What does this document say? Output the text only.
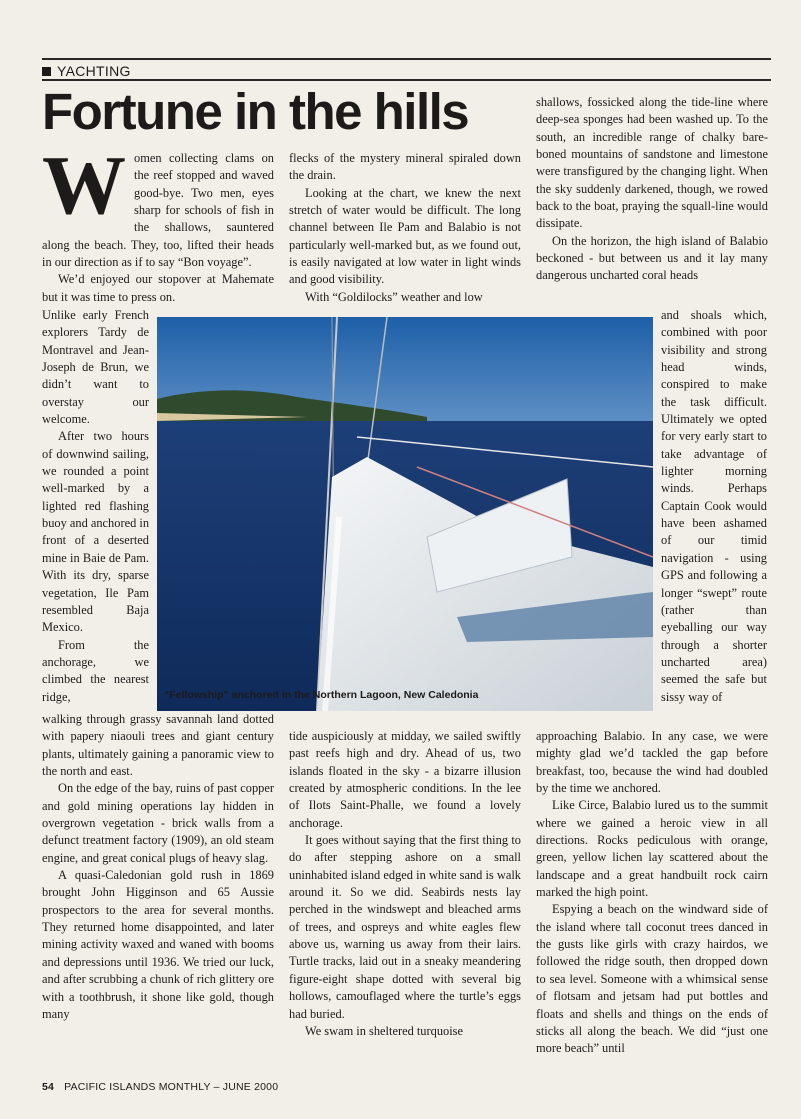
YACHTING
Fortune in the hills

Women collecting clams on the reef stopped and waved good-bye. Two men, eyes sharp for schools of fish in the shallows, sauntered along the beach. They, too, lifted their heads in our direction as if to say “Bon voyage”.

We’d enjoyed our stopover at Mahemate but it was time to press on.

Unlike early French explorers Tardy de Montravel and Jean-Joseph de Brun, we didn’t want to overstay our welcome.

After two hours of downwind sailing, we rounded a point well-marked by a lighted red flashing buoy and anchored in front of a deserted mine in Baie de Pam. With its dry, sparse vegetation, Ile Pam resembled Baja Mexico.

From the anchorage, we climbed the nearest ridge,

walking through grassy savannah land dotted with papery niaouli trees and giant century plants, ultimately gaining a panoramic view to the north and east.

On the edge of the bay, ruins of past copper and gold mining operations lay hidden in overgrown vegetation - brick walls from a defunct treatment factory (1909), an old steam engine, and great conical plugs of heavy slag.

A quasi-Caledonian gold rush in 1869 brought John Higginson and 65 Aussie prospectors to the area for several months. They returned home disappointed, and later mining activity waxed and waned with booms and depressions until 1936. We tried our luck, and after scrubbing a chunk of rich glittery ore with a toothbrush, it shone like gold, though many

flecks of the mystery mineral spiraled down the drain.

Looking at the chart, we knew the next stretch of water would be difficult. The long channel between Ile Pam and Balabio is not particularly well-marked but, as we found out, is easily navigated at low water in light winds and good visibility.

With “Goldilocks” weather and low

tide auspiciously at midday, we sailed swiftly past reefs high and dry. Ahead of us, two islands floated in the sky - a bizarre illusion created by atmospheric conditions. In the lee of Ilots Saint-Phalle, we found a lovely anchorage.

It goes without saying that the first thing to do after stepping ashore on a small uninhabited island edged in white sand is walk around it. So we did. Seabirds nests lay perched in the windswept and bleached arms of trees, and ospreys and white eagles flew above us, warning us away from their lairs. Turtle tracks, laid out in a sneaky meandering figure-eight shape dotted with several big hollows, camouflaged where the turtle’s eggs had buried.

We swam in sheltered turquoise

shallows, fossicked along the tide-line where deep-sea sponges had been washed up. To the south, an incredible range of chalky bare-boned mountains of sandstone and limestone were transfigured by the changing light. When the sky suddenly darkened, though, we rowed back to the boat, praying the squall-line would dissipate.

On the horizon, the high island of Balabio beckoned - but between us and it lay many dangerous uncharted coral heads

and shoals which, combined with poor visibility and strong head winds, conspired to make the task difficult. Ultimately we opted for very early start to take advantage of lighter morning winds. Perhaps Captain Cook would have been ashamed of our timid navigation - using GPS and following a longer “swept” route (rather than eyeballing our way through a shorter uncharted area) seemed the safe but sissy way of

approaching Balabio. In any case, we were mighty glad we’d tackled the gap before breakfast, too, because the wind had doubled by the time we anchored.

Like Circe, Balabio lured us to the summit where we gained a heroic view in all directions. Rocks pediculous with orange, green, yellow lichen lay scattered about the landscape and a great handbuilt rock cairn marked the high point.

Espying a beach on the windward side of the island where tall coconut trees danced in the gusts like girls with crazy hairdos, we followed the ridge south, then dropped down to sea level. Someone with a whimsical sense of flotsam and jetsam had put bottles and floats and shells and things on the ends of sticks all along the beach. We did “just one more beach” until

“Fellowship” anchored in the Northern Lagoon, New Caledonia
54 PACIFIC ISLANDS MONTHLY – JUNE 2000
